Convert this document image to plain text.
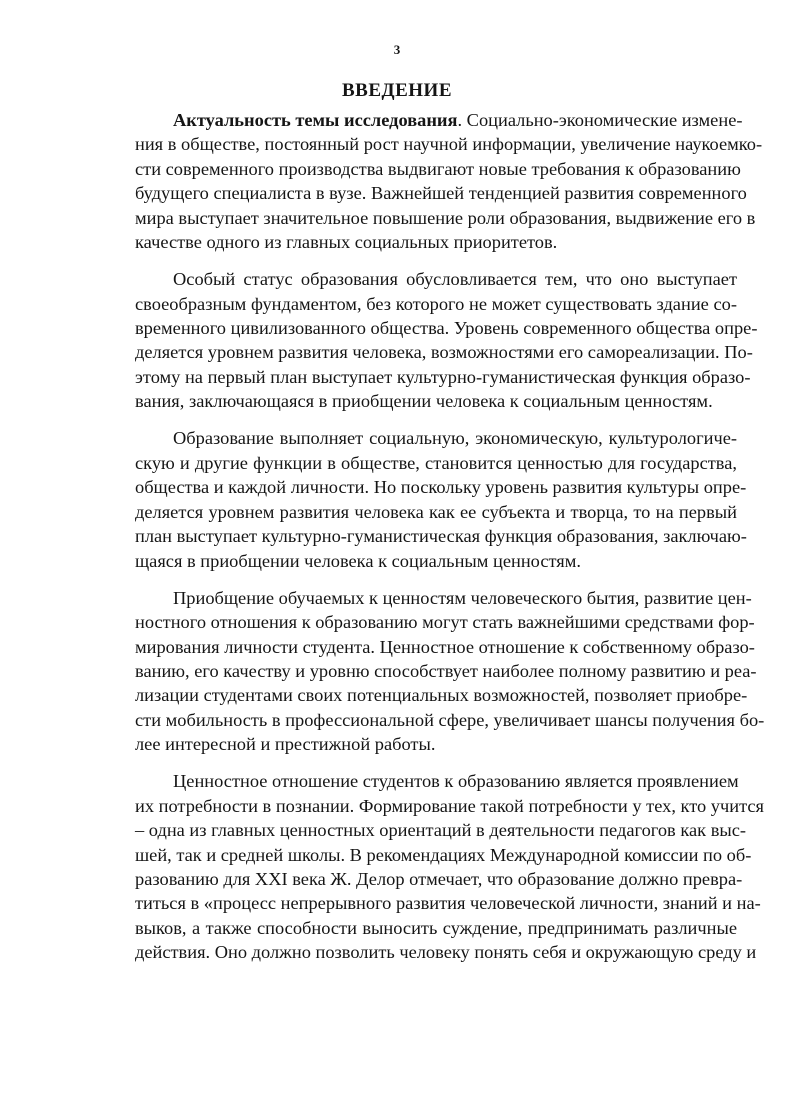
3
ВВЕДЕНИЕ
Актуальность темы исследования. Социально-экономические измене-
ния в обществе, постоянный рост научной информации, увеличение наукоемко-
сти современного производства выдвигают новые требования к образованию
будущего специалиста в вузе. Важнейшей тенденцией развития современного
мира выступает значительное повышение роли образования, выдвижение его в
качестве одного из главных социальных приоритетов.
Особый статус образования обусловливается тем, что оно выступает
своеобразным фундаментом, без которого не может существовать здание со-
временного цивилизованного общества. Уровень современного общества опре-
деляется уровнем развития человека, возможностями его самореализации. По-
этому на первый план выступает культурно-гуманистическая функция образо-
вания, заключающаяся в приобщении человека к социальным ценностям.
Образование выполняет социальную, экономическую, культурологиче-
скую и другие функции в обществе, становится ценностью для государства,
общества и каждой личности. Но поскольку уровень развития культуры опре-
деляется уровнем развития человека как ее субъекта и творца, то на первый
план выступает культурно-гуманистическая функция образования, заключаю-
щаяся в приобщении человека к социальным ценностям.
Приобщение обучаемых к ценностям человеческого бытия, развитие цен-
ностного отношения к образованию могут стать важнейшими средствами фор-
мирования личности студента. Ценностное отношение к собственному образо-
ванию, его качеству и уровню способствует наиболее полному развитию и реа-
лизации студентами своих потенциальных возможностей, позволяет приобре-
сти мобильность в профессиональной сфере, увеличивает шансы получения бо-
лее интересной и престижной работы.
Ценностное отношение студентов к образованию является проявлением
их потребности в познании. Формирование такой потребности у тех, кто учится
– одна из главных ценностных ориентаций в деятельности педагогов как выс-
шей, так и средней школы. В рекомендациях Международной комиссии по об-
разованию для XXI века Ж. Делор отмечает, что образование должно превра-
титься в «процесс непрерывного развития человеческой личности, знаний и на-
выков, а также способности выносить суждение, предпринимать различные
действия. Оно должно позволить человеку понять себя и окружающую среду и
